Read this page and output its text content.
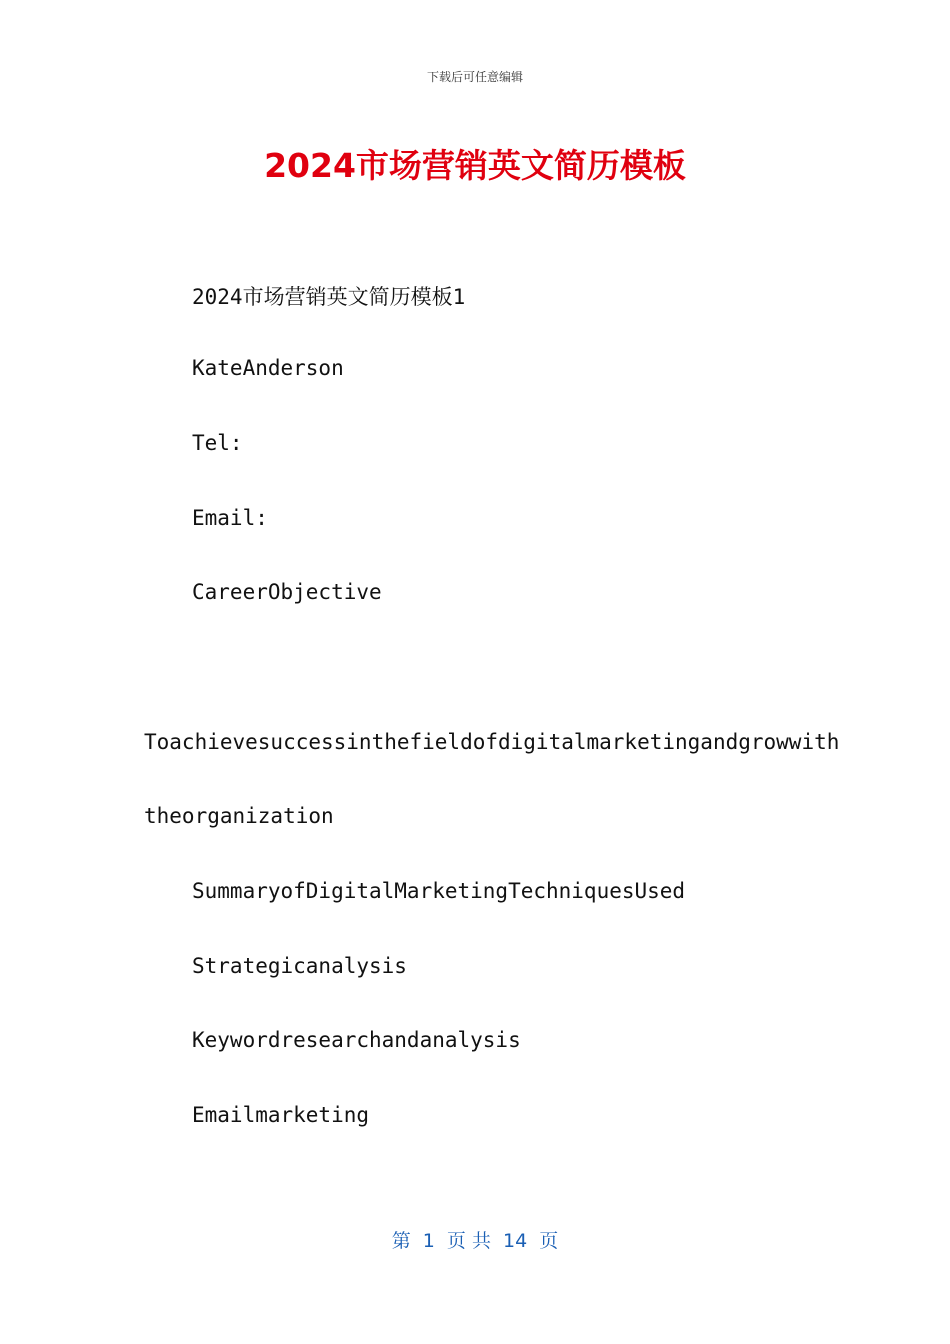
下载后可任意编辑
2024市场营销英文简历模板
2024市场营销英文简历模板1
KateAnderson
Tel:
Email:
CareerObjective
Toachievesuccessinthefieldofdigitalmarketingandgrowwith
theorganization
SummaryofDigitalMarketingTechniquesUsed
Strategicanalysis
Keywordresearchandanalysis
Emailmarketing
第  1  页 共  14  页
